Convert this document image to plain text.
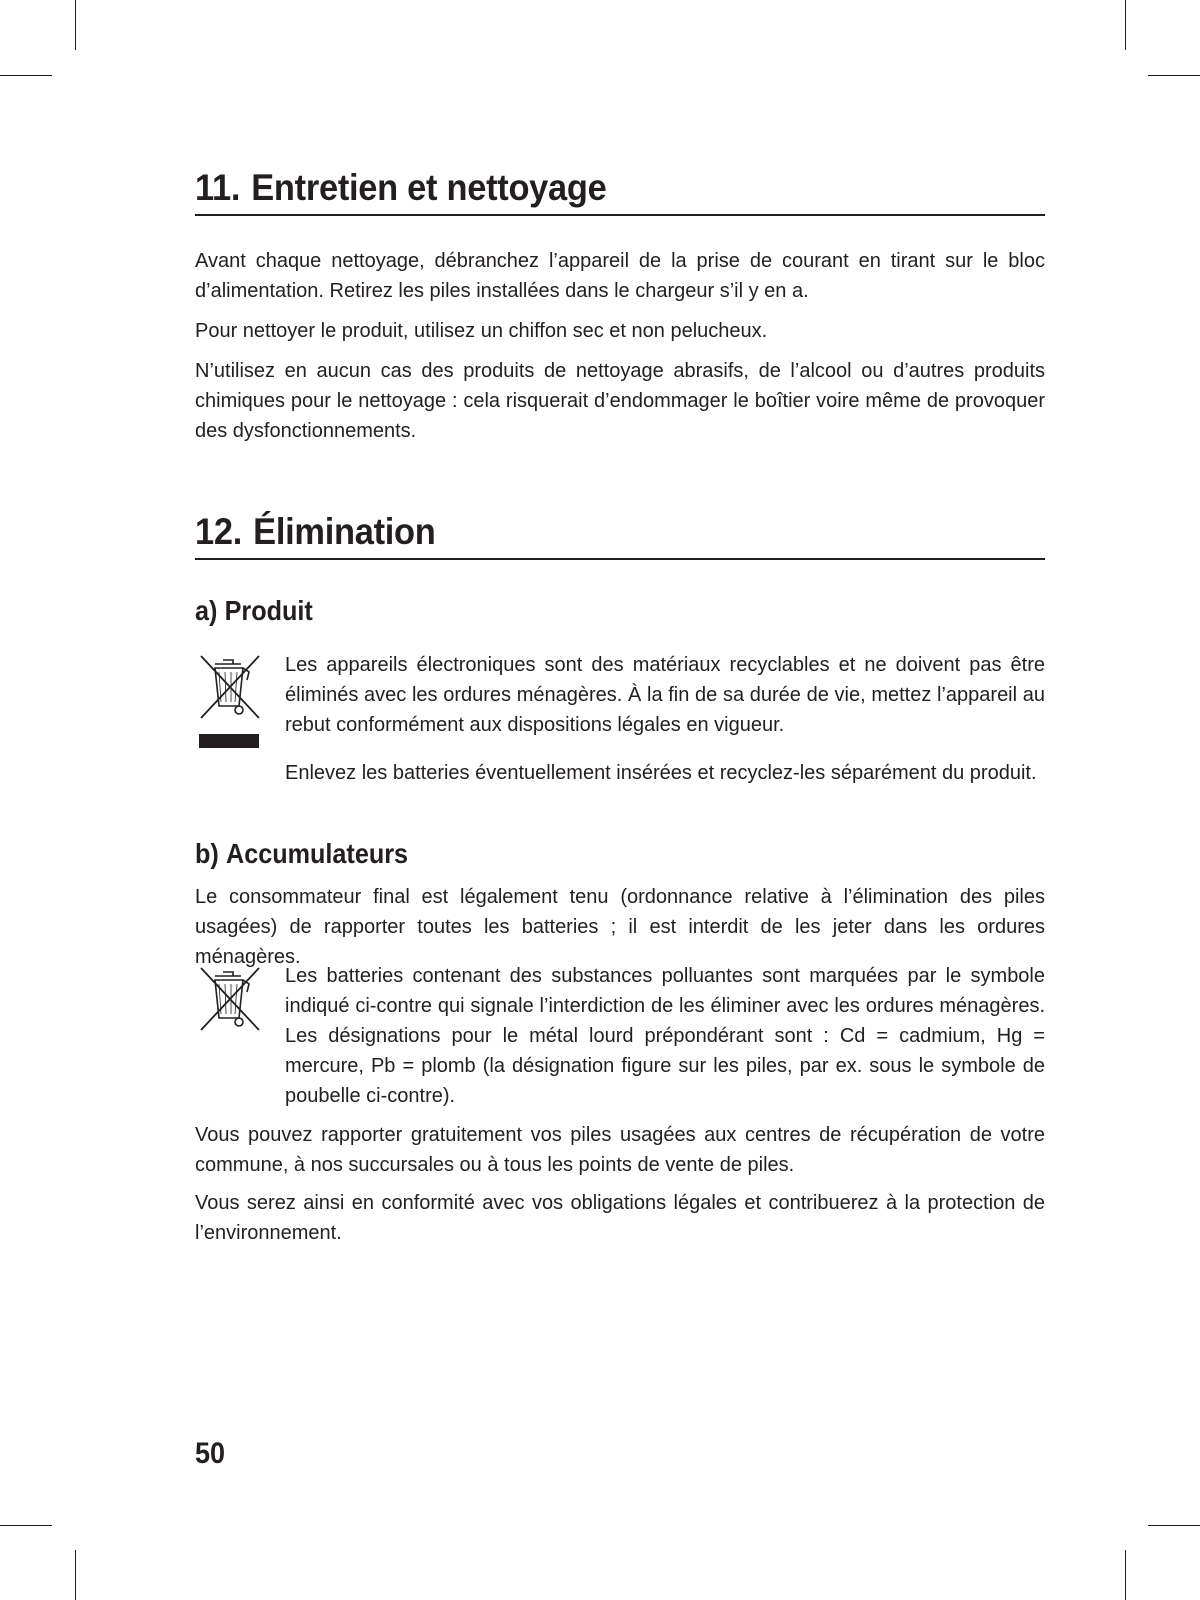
11. Entretien et nettoyage

Avant chaque nettoyage, débranchez l’appareil de la prise de courant en tirant sur le bloc d’alimentation. Retirez les piles installées dans le chargeur s’il y en a.

Pour nettoyer le produit, utilisez un chiffon sec et non pelucheux.

N’utilisez en aucun cas des produits de nettoyage abrasifs, de l’alcool ou d’autres produits chimiques pour le nettoyage : cela risquerait d’endommager le boîtier voire même de provoquer des dysfonctionnements.

12. Élimination
a) Produit

Les appareils électroniques sont des matériaux recyclables et ne doivent pas être éliminés avec les ordures ménagères. À la fin de sa durée de vie, mettez l’appareil au rebut conformément aux dispositions légales en vigueur.

Enlevez les batteries éventuellement insérées et recyclez-les séparément du produit.

b) Accumulateurs

Le consommateur final est légalement tenu (ordonnance relative à l’élimination des piles usagées) de rapporter toutes les batteries ; il est interdit de les jeter dans les ordures ménagères.

Les batteries contenant des substances polluantes sont marquées par le symbole indiqué ci-contre qui signale l’interdiction de les éliminer avec les ordures ménagères. Les désignations pour le métal lourd prépondérant sont : Cd = cadmium, Hg = mercure, Pb = plomb (la désignation figure sur les piles, par ex. sous le symbole de poubelle ci-contre).

Vous pouvez rapporter gratuitement vos piles usagées aux centres de récupération de votre commune, à nos succursales ou à tous les points de vente de piles.

Vous serez ainsi en conformité avec vos obligations légales et contribuerez à la protection de l’environnement.

50
